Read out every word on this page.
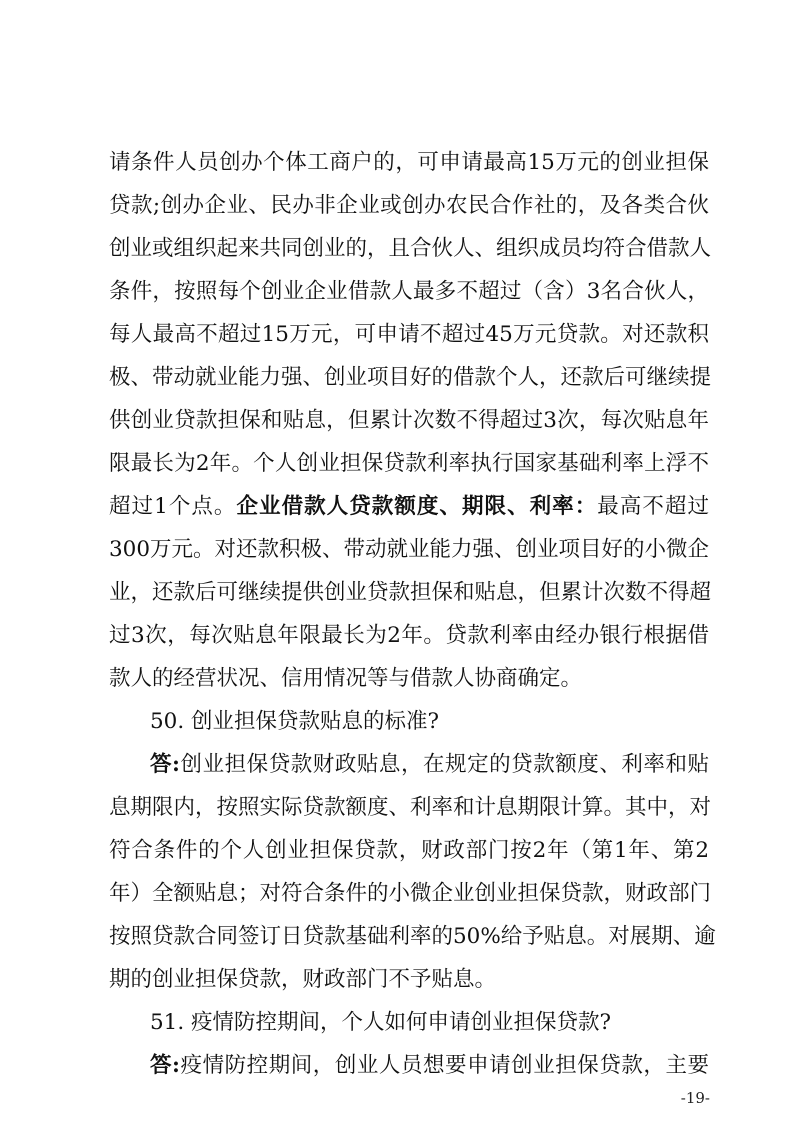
请条件人员创办个体工商户的，可申请最高15万元的创业担保
贷款;创办企业、民办非企业或创办农民合作社的，及各类合伙
创业或组织起来共同创业的，且合伙人、组织成员均符合借款人
条件，按照每个创业企业借款人最多不超过（含）3名合伙人，
每人最高不超过15万元，可申请不超过45万元贷款。对还款积
极、带动就业能力强、创业项目好的借款个人，还款后可继续提
供创业贷款担保和贴息，但累计次数不得超过3次，每次贴息年
限最长为2年。个人创业担保贷款利率执行国家基础利率上浮不
超过1个点。企业借款人贷款额度、期限、利率：最高不超过
300万元。对还款积极、带动就业能力强、创业项目好的小微企
业，还款后可继续提供创业贷款担保和贴息，但累计次数不得超
过3次，每次贴息年限最长为2年。贷款利率由经办银行根据借
款人的经营状况、信用情况等与借款人协商确定。
50. 创业担保贷款贴息的标准?
答:创业担保贷款财政贴息，在规定的贷款额度、利率和贴
息期限内，按照实际贷款额度、利率和计息期限计算。其中，对
符合条件的个人创业担保贷款，财政部门按2年（第1年、第2
年）全额贴息；对符合条件的小微企业创业担保贷款，财政部门
按照贷款合同签订日贷款基础利率的50%给予贴息。对展期、逾
期的创业担保贷款，财政部门不予贴息。
51. 疫情防控期间，个人如何申请创业担保贷款?
答:疫情防控期间，创业人员想要申请创业担保贷款，主要
-19-
